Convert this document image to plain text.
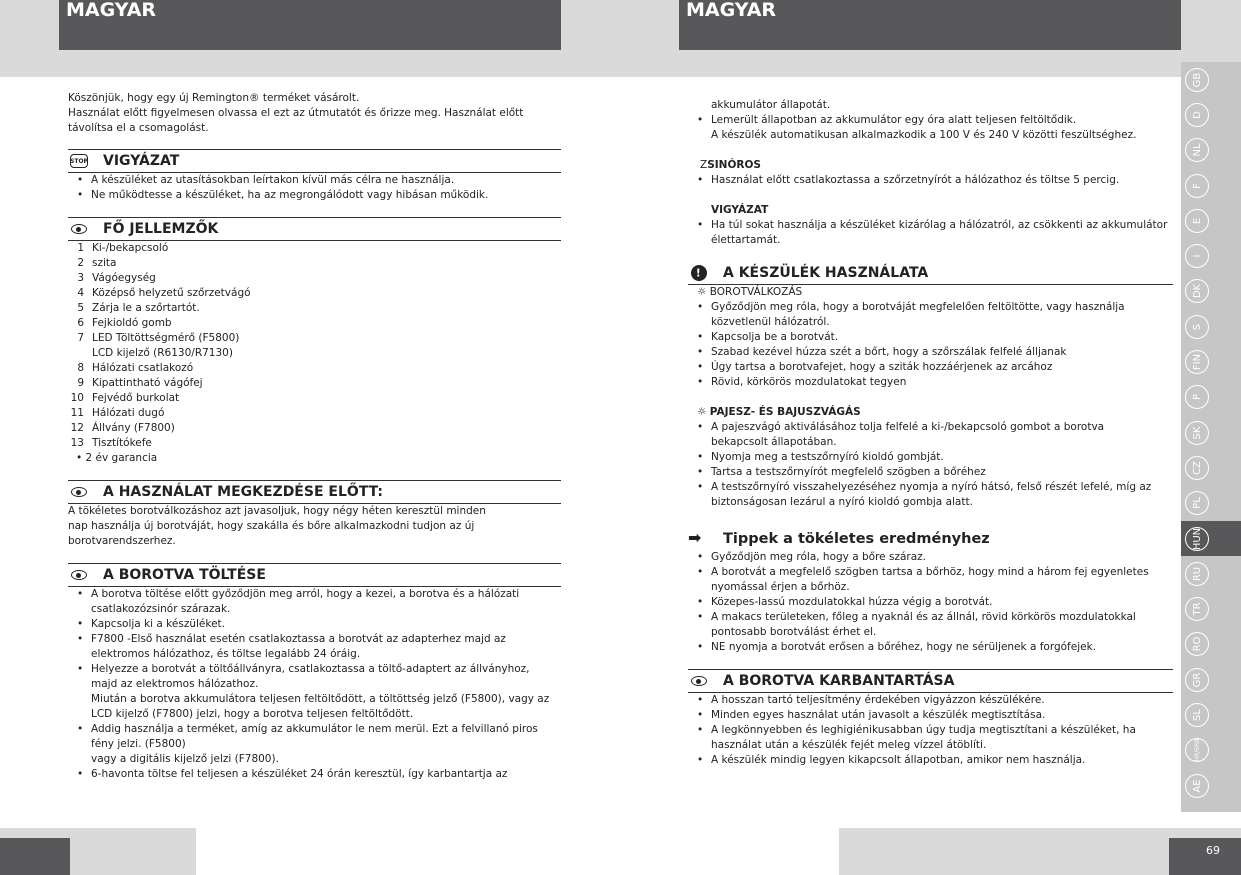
MAGYAR	MAGYAR

Köszönjük, hogy egy új Remington® terméket vásárolt.

Használat előtt figyelmesen olvassa el ezt az útmutatót és őrizze meg. Használat előtt

távolítsa el a csomagolást.

STOP VIGYÁZAT
• A készüléket az utasításokban leírtakon kívül más célra ne használja.
• Ne működtesse a készüléket, ha az megrongálódott vagy hibásan működik.
FŐ JELLEMZŐK
1 Ki-/bekapcsoló
2 szita
3 Vágóegység
4 Középső helyzetű szőrzetvágó
5 Zárja le a szőrtartót.
6 Fejkioldó gomb
7 LED Töltöttségmérő (F5800)
LCD kijelző (R6130/R7130)
8 Hálózati csatlakozó
9 Kipattintható vágófej
10 Fejvédő burkolat
11 Hálózati dugó
12 Állvány (F7800)
13 Tisztítókefe

• 2 év garancia

A HASZNÁLAT MEGKEZDÉSE ELŐTT:

A tökéletes borotválkozáshoz azt javasoljuk, hogy négy héten keresztül minden

nap használja új borotváját, hogy szakálla és bőre alkalmazkodni tudjon az új

borotvarendszerhez.

A BOROTVA TÖLTÉSE
• A borotva töltése előtt győződjön meg arról, hogy a kezei, a borotva és a hálózati
csatlakozózsinór szárazak.
• Kapcsolja ki a készüléket.
• F7800 -Első használat esetén csatlakoztassa a borotvát az adapterhez majd az
elektromos hálózathoz, és töltse legalább 24 óráig.
• Helyezze a borotvát a töltőállványra, csatlakoztassa a töltő-adaptert az állványhoz,
majd az elektromos hálózathoz.
Miután a borotva akkumulátora teljesen feltöltődött, a töltöttség jelző (F5800), vagy az
LCD kijelző (F7800) jelzi, hogy a borotva teljesen feltöltődött.
• Addig használja a terméket, amíg az akkumulátor le nem merül. Ezt a felvillanó piros
fény jelzi. (F5800)
vagy a digitális kijelző jelzi (F7800).
• 6-havonta töltse fel teljesen a készüléket 24 órán keresztül, így karbantartja az

akkumulátor állapotát.

• Lemerült állapotban az akkumulátor egy óra alatt teljesen feltöltődik.
A készülék automatikusan alkalmazkodik a 100 V és 240 V közötti feszültséghez.

ZSINÓROS

• Használat előtt csatlakoztassa a szőrzetnyírót a hálózathoz és töltse 5 percig.

VIGYÁZAT

• Ha túl sokat használja a készüléket kizárólag a hálózatról, az csökkenti az akkumulátor
élettartamát.
! A KÉSZÜLÉK HASZNÁLATA

☼ BOROTVÁLKOZÁS

• Győződjön meg róla, hogy a borotváját megfelelően feltöltötte, vagy használja
közvetlenül hálózatról.
• Kapcsolja be a borotvát.
• Szabad kezével húzza szét a bőrt, hogy a szőrszálak felfelé álljanak
• Úgy tartsa a borotvafejet, hogy a sziták hozzáérjenek az arcához
• Rövid, körkörös mozdulatokat tegyen

☼ PAJESZ- ÉS BAJUSZVÁGÁS

• A pajeszvágó aktiválásához tolja felfelé a ki-/bekapcsoló gombot a borotva
bekapcsolt állapotában.
• Nyomja meg a testszőrnyíró kioldó gombját.
• Tartsa a testszőrnyírót megfelelő szögben a bőréhez
• A testszőrnyíró visszahelyezéséhez nyomja a nyíró hátsó, felső részét lefelé, míg az
biztonságosan lezárul a nyíró kioldó gombja alatt.
➡ Tippek a tökéletes eredményhez
• Győződjön meg róla, hogy a bőre száraz.
• A borotvát a megfelelő szögben tartsa a bőrhöz, hogy mind a három fej egyenletes
nyomással érjen a bőrhöz.
• Közepes-lassú mozdulatokkal húzza végig a borotvát.
• A makacs területeken, főleg a nyaknál és az állnál, rövid körkörös mozdulatokkal
pontosabb borotválást érhet el.
• NE nyomja a borotvát erősen a bőréhez, hogy ne sérüljenek a forgófejek.
A BOROTVA KARBANTARTÁSA
• A hosszan tartó teljesítmény érdekében vigyázzon készülékére.
• Minden egyes használat után javasolt a készülék megtisztítása.
• A legkönnyebben és leghigiénikusabban úgy tudja megtisztítani a készüléket, ha
használat után a készülék fejét meleg vízzel átöblíti.
• A készülék mindig legyen kikapcsolt állapotban, amikor nem használja.
GB
D
NL
F
E
I
DK
S
FIN
P
SK
CZ
PL
HUN
RU
TR
RO
GR
SL
HR/SRB
AE
69
